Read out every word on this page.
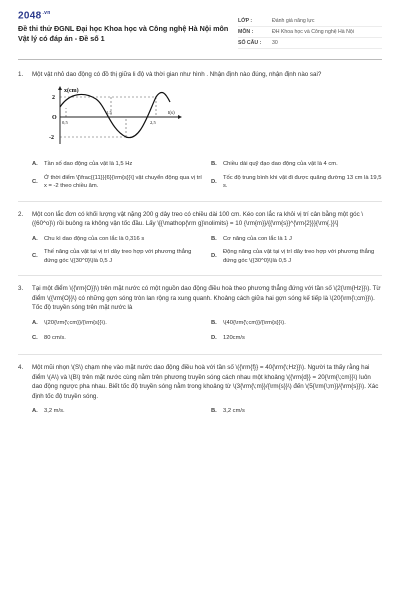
$2048^{.vn}$
Đề thi thử ĐGNL Đại học Khoa học và Công nghệ Hà Nội môn Vật lý có đáp án - Đề số 1
LỚP :	Đánh giá năng lực
MÔN :	ĐH Khoa học và Công nghệ Hà Nội
SỐ CÂU :	30
1.	Một vật nhỏ dao động có đồ thị giữa li độ và thời gian như hình . Nhận định nào đúng, nhận định nào sai?
x(cm)
t(s)
2
O
-2
0,5
1,5
2,5
A.	Tần số dao động của vật là 1,5 Hz	B.	Chiều dài quỹ đạo dao động của vật là 4 cm.
C.
Ở thời điểm \[\frac{{11}}{6}{\rm{s}}\] vật chuyển động qua vị trí x = -2 theo chiều âm.
D.
Tốc độ trung bình khi vật đi được quãng đường 13 cm là 19,5 s.
2.	Một con lắc đơn có khối lượng vật nặng 200 g dây treo có chiều dài 100 cm. Kéo con lắc ra khỏi vị trí cân bằng một góc \({60^o}\) rồi buông ra không vận tốc đầu. Lấy \[{\mathop{\rm g}\nolimits} = 10 {\rm{m}}/{{\rm{s}}^{\rm{2}}}{\rm{.}}\]
A.	Chu kì dao động của con lắc là 0,316 s	B.	Cơ năng của con lắc là 1 J
C.
Thế năng của vật tại vị trí dây treo hợp với phương thẳng đứng góc \({30^0}\)là 0,5 J
D.
Động năng của vật tại vị trí dây treo hợp với phương thẳng đứng góc \({30^0}\)là 0,5 J
3.	Tại một điểm \({\rm{O}}\) trên mặt nước có một nguồn dao động điều hoà theo phương thẳng đứng với tần số \(2{\rm{Hz}}\). Từ điểm \({\rm{O}}\) có những gợn sóng tròn lan rộng ra xung quanh. Khoảng cách giữa hai gợn sóng kế tiếp là \(20{\rm{\;cm}}\). Tốc độ truyền sóng trên mặt nước là
A.	\(20{\rm{\;cm}}/{\rm{s}}\).	B.	\(40{\rm{\;cm}}/{\rm{s}}\).
C.	80 cm/s.	D.	120cm/s
4.	Một mũi nhọn \(S\) chạm nhẹ vào mặt nước dao động điều hoà với tần số \({\rm{f}} = 40{\rm{\;Hz}}\). Người ta thấy rằng hai điểm \(A\) và \(B\) trên mặt nước cùng nằm trên phương truyền sóng cách nhau một khoảng \({\rm{d}} = 20{\rm{\;cm}}\) luôn dao động ngược pha nhau. Biết tốc độ truyền sóng nằm trong khoảng từ \(3{\rm{\;m}}/{\rm{s}}\) đến \(5{\rm{\;m}}/{\rm{s}}\). Xác định tốc độ truyền sóng.
A.	3,2 m/s.	B.	3,2 cm/s
